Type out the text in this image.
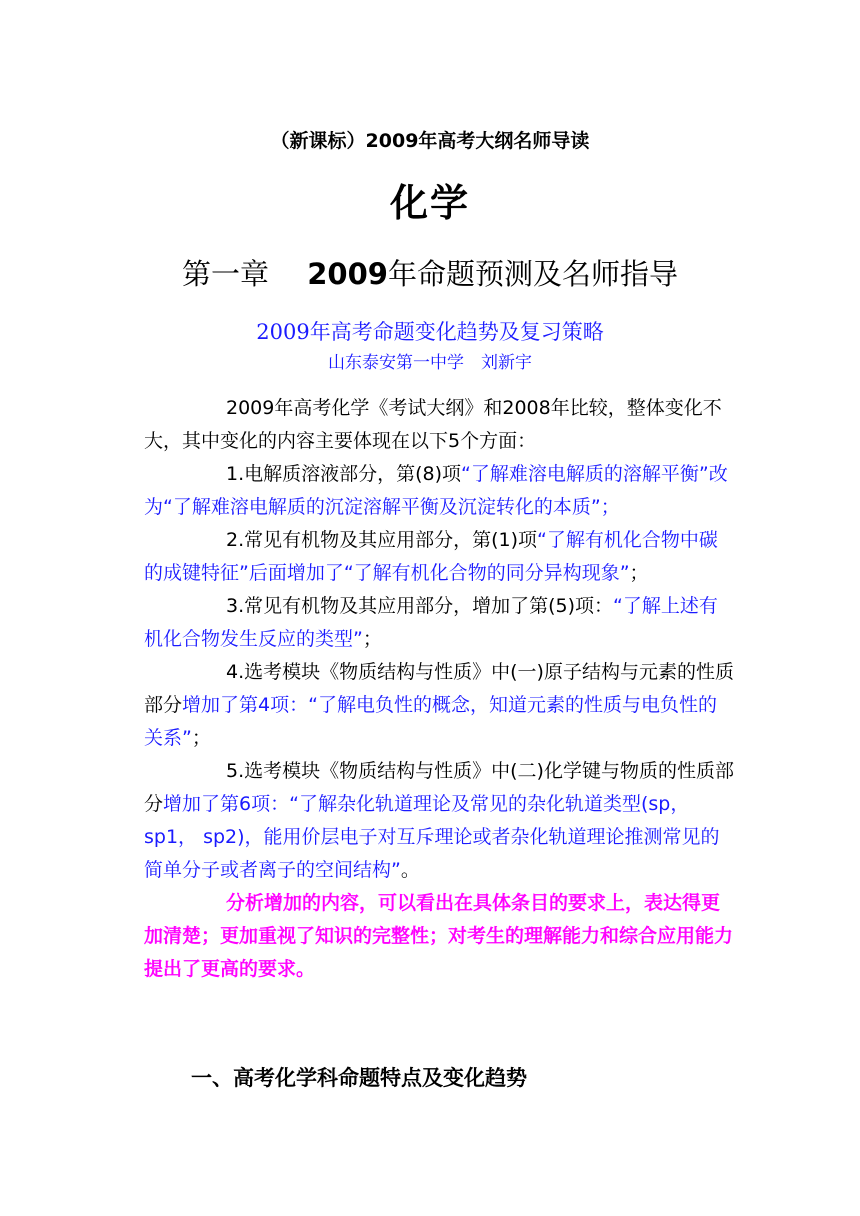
（新课标）2009年高考大纲名师导读
化学
第一章　 2009年命题预测及名师指导
2009年高考命题变化趋势及复习策略
山东泰安第一中学　刘新宇

2009年高考化学《考试大纲》和2008年比较，整体变化不大，其中变化的内容主要体现在以下5个方面：

1.电解质溶液部分，第(8)项“了解难溶电解质的溶解平衡”改为“了解难溶电解质的沉淀溶解平衡及沉淀转化的本质”；

2.常见有机物及其应用部分，第(1)项“了解有机化合物中碳的成键特征”后面增加了“了解有机化合物的同分异构现象”；

3.常见有机物及其应用部分，增加了第(5)项：“了解上述有机化合物发生反应的类型”；

4.选考模块《物质结构与性质》中(一)原子结构与元素的性质部分增加了第4项：“了解电负性的概念，知道元素的性质与电负性的关系”；

5.选考模块《物质结构与性质》中(二)化学键与物质的性质部分增加了第6项：“了解杂化轨道理论及常见的杂化轨道类型(sp， sp1， sp2)，能用价层电子对互斥理论或者杂化轨道理论推测常见的简单分子或者离子的空间结构”。

分析增加的内容，可以看出在具体条目的要求上，表达得更加清楚；更加重视了知识的完整性；对考生的理解能力和综合应用能力提出了更高的要求。

一、高考化学科命题特点及变化趋势
